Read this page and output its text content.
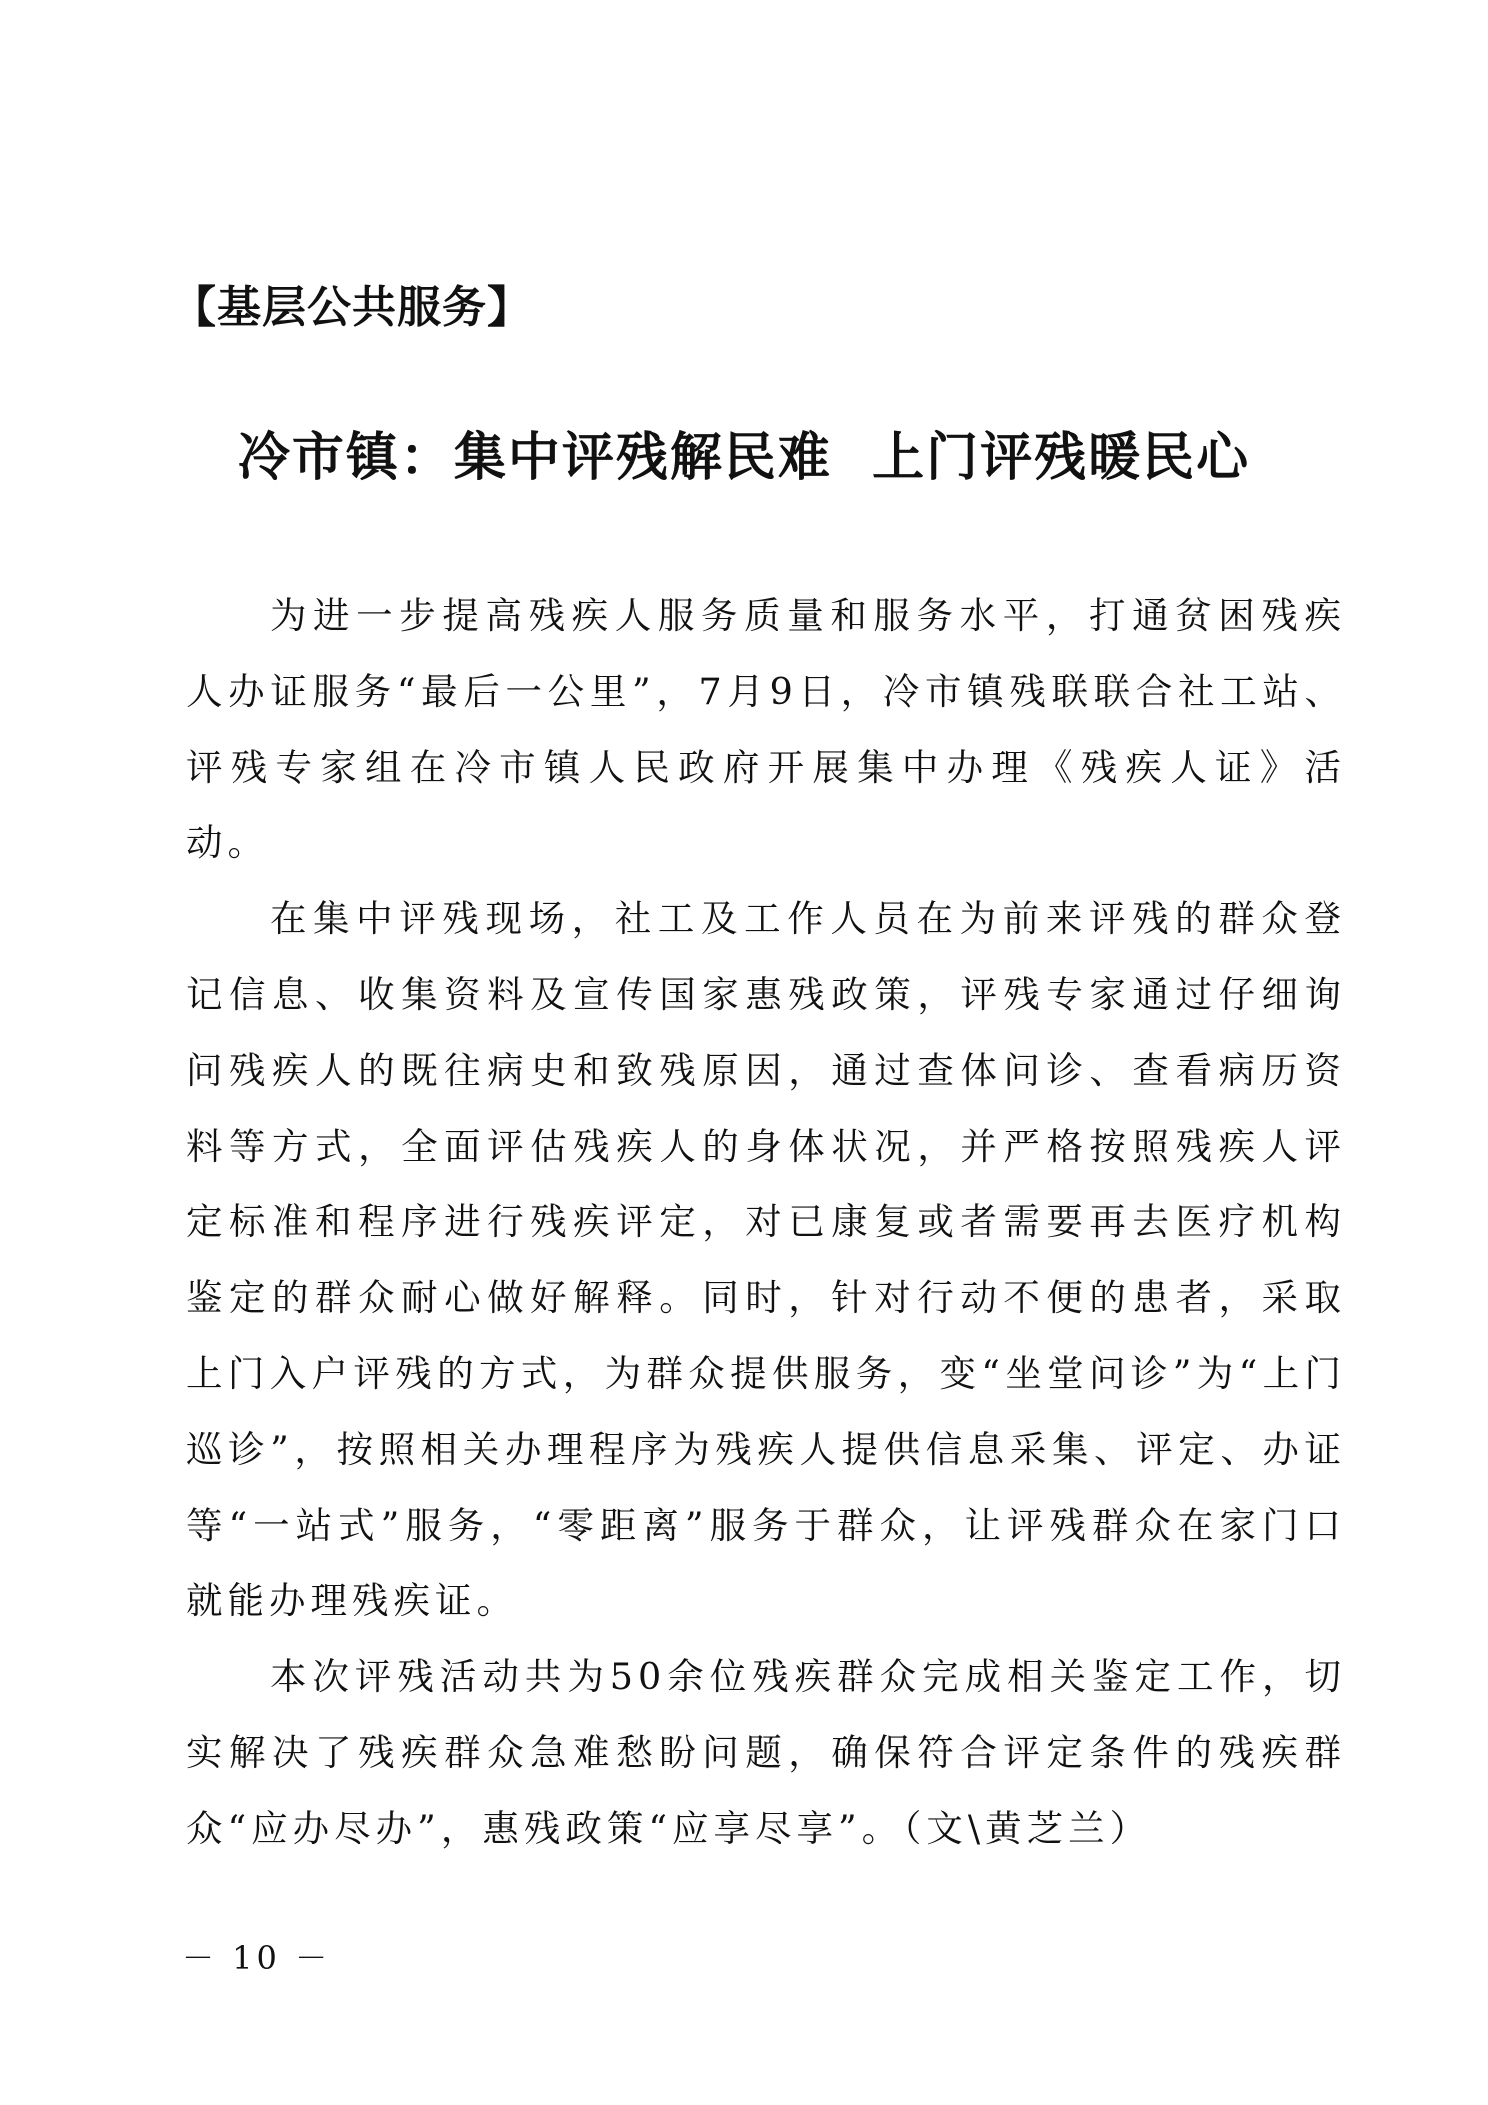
【基层公共服务】
冷市镇：集中评残解民难  上门评残暖民心

为进一步提高残疾人服务质量和服务水平，打通贫困残疾人办证服务“最后一公里”，7月9日，冷市镇残联联合社工站、评残专家组在冷市镇人民政府开展集中办理《残疾人证》活动。

在集中评残现场，社工及工作人员在为前来评残的群众登记信息、收集资料及宣传国家惠残政策，评残专家通过仔细询问残疾人的既往病史和致残原因，通过查体问诊、查看病历资料等方式，全面评估残疾人的身体状况，并严格按照残疾人评定标准和程序进行残疾评定，对已康复或者需要再去医疗机构鉴定的群众耐心做好解释。同时，针对行动不便的患者，采取上门入户评残的方式，为群众提供服务，变“坐堂问诊”为“上门巡诊”，按照相关办理程序为残疾人提供信息采集、评定、办证等“一站式”服务，“零距离”服务于群众，让评残群众在家门口就能办理残疾证。

本次评残活动共为50余位残疾群众完成相关鉴定工作，切实解决了残疾群众急难愁盼问题，确保符合评定条件的残疾群众“应办尽办”，惠残政策“应享尽享”。（文\黄芝兰）

－ 10 －
